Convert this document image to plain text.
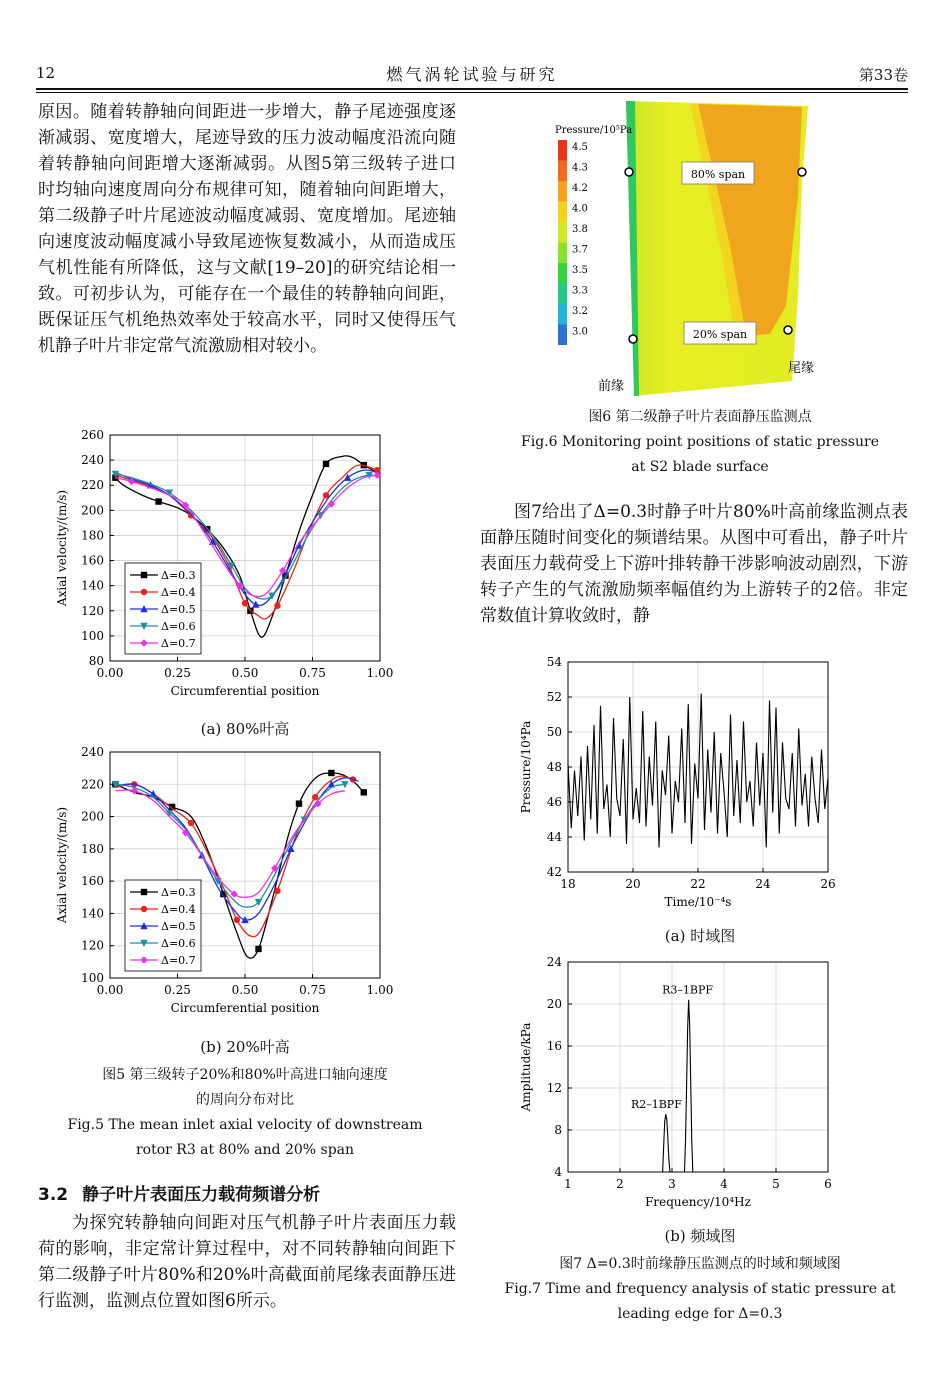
12	燃气涡轮试验与研究	第33卷
原因。随着转静轴向间距进一步增大，静子尾迹强度逐渐减弱、宽度增大，尾迹导致的压力波动幅度沿流向随着转静轴向间距增大逐渐减弱。从图5第三级转子进口时均轴向速度周向分布规律可知，随着轴向间距增大，第二级静子叶片尾迹波动幅度减弱、宽度增加。尾迹轴向速度波动幅度减小导致尾迹恢复数减小，从而造成压气机性能有所降低，这与文献[19–20]的研究结论相一致。可初步认为，可能存在一个最佳的转静轴向间距，既保证压气机绝热效率处于较高水平，同时又使得压气机静子叶片非定常气流激励相对较小。
0.00	0.25	0.50	0.75	1.00
80
100
120
140
160
180
200
220
240
260
Circumferential position
Axial velocity/(m/s)	Δ=0.3
Δ=0.4
Δ=0.5
Δ=0.6
Δ=0.7
(a) 80%叶高
0.00	0.25	0.50	0.75	1.00
100
120
140
160
180
200
220
240
Circumferential position
Axial velocity/(m/s)	Δ=0.3
Δ=0.4
Δ=0.5
Δ=0.6
Δ=0.7
(b) 20%叶高
图5 第三级转子20%和80%叶高进口轴向速度
的周向分布对比
Fig.5 The mean inlet axial velocity of downstream
rotor R3 at 80% and 20% span
3.2 静子叶片表面压力载荷频谱分析
为探究转静轴向间距对压气机静子叶片表面压力载荷的影响，非定常计算过程中，对不同转静轴向间距下第二级静子叶片80%和20%叶高截面前尾缘表面静压进行监测，监测点位置如图6所示。
80% span
20% span
Pressure/10⁵Pa
4.5
4.3
4.2
4.0
3.8
3.7
3.5
3.3
3.2
3.0
前缘
尾缘
图6 第二级静子叶片表面静压监测点
Fig.6 Monitoring point positions of static pressure
at S2 blade surface
图7给出了Δ=0.3时静子叶片80%叶高前缘监测点表面静压随时间变化的频谱结果。从图中可看出，静子叶片表面压力载荷受上下游叶排转静干涉影响波动剧烈，下游转子产生的气流激励频率幅值约为上游转子的2倍。非定常数值计算收敛时，静
18	20	22	24	26
42
44
46
48
50
52
54
Time/10⁻⁴s
Pressure/10⁴Pa
(a) 时域图
1	2	3	4	5	6
4
8
12
16
20
24
Frequency/10⁴Hz
Amplitude/kPa
R3–1BPF
R2–1BPF
(b) 频域图
图7 Δ=0.3时前缘静压监测点的时域和频域图
Fig.7 Time and frequency analysis of static pressure at
leading edge for Δ=0.3
